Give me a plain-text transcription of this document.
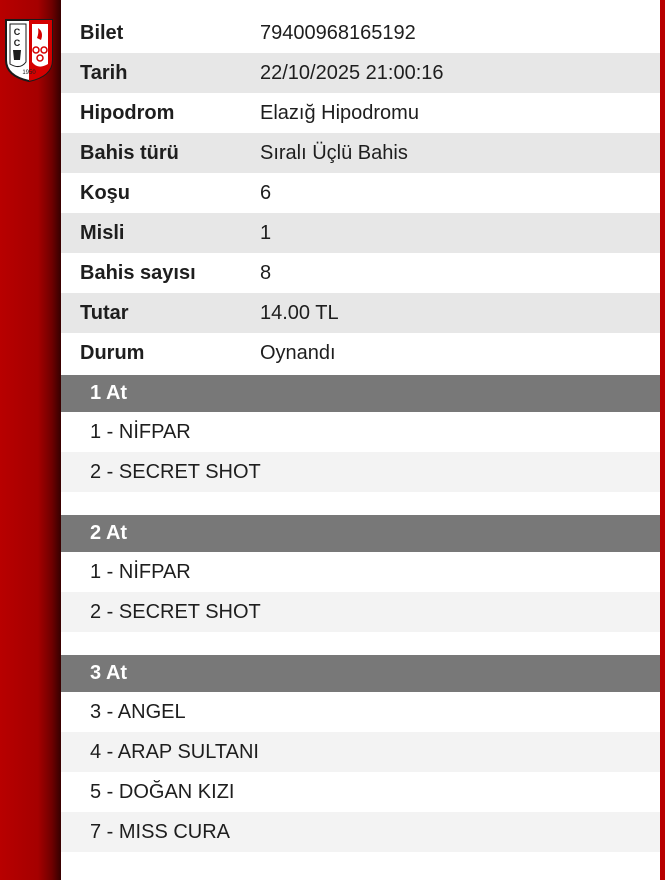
C
C
1950
Bilet	79400968165192
Tarih	22/10/2025 21:00:16
Hipodrom	Elazığ Hipodromu
Bahis türü	Sıralı Üçlü Bahis
Koşu	6
Misli	1
Bahis sayısı	8
Tutar	14.00 TL
Durum	Oynandı
1 At
1 - NİFPAR
2 - SECRET SHOT
2 At
1 - NİFPAR
2 - SECRET SHOT
3 At
3 - ANGEL
4 - ARAP SULTANI
5 - DOĞAN KIZI
7 - MISS CURA
